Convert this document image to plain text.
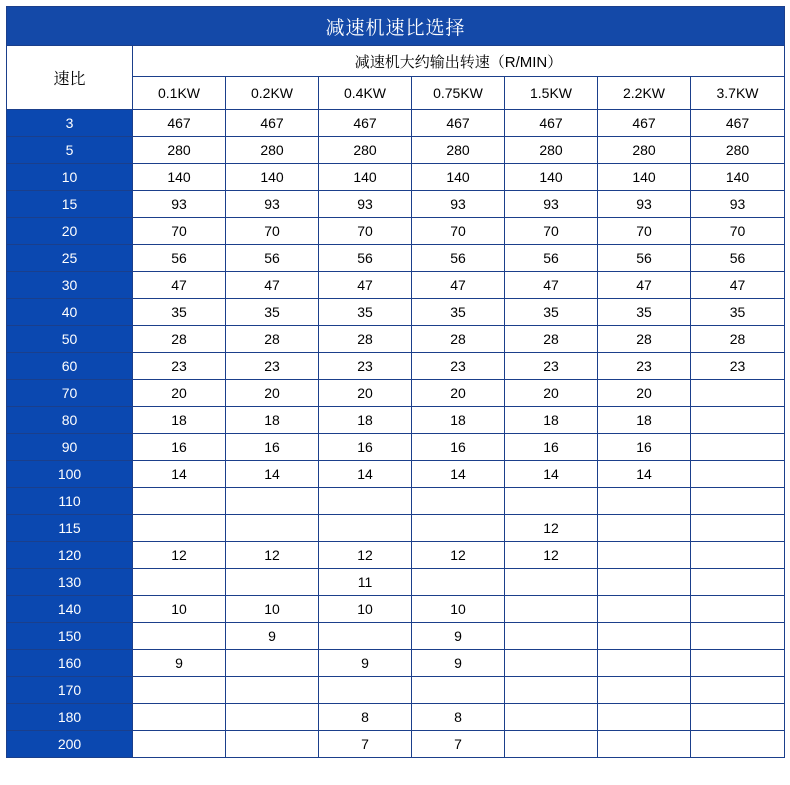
减速机速比选择							
速比	减速机大约输出转速（R/MIN）						
	0.1KW	0.2KW	0.4KW	0.75KW	1.5KW	2.2KW	3.7KW
3	467	467	467	467	467	467	467
5	280	280	280	280	280	280	280
10	140	140	140	140	140	140	140
15	93	93	93	93	93	93	93
20	70	70	70	70	70	70	70
25	56	56	56	56	56	56	56
30	47	47	47	47	47	47	47
40	35	35	35	35	35	35	35
50	28	28	28	28	28	28	28
60	23	23	23	23	23	23	23
70	20	20	20	20	20	20	
80	18	18	18	18	18	18	
90	16	16	16	16	16	16	
100	14	14	14	14	14	14	
110							
115					12		
120	12	12	12	12	12		
130			11				
140	10	10	10	10			
150		9		9			
160	9		9	9			
170							
180			8	8			
200			7	7			
